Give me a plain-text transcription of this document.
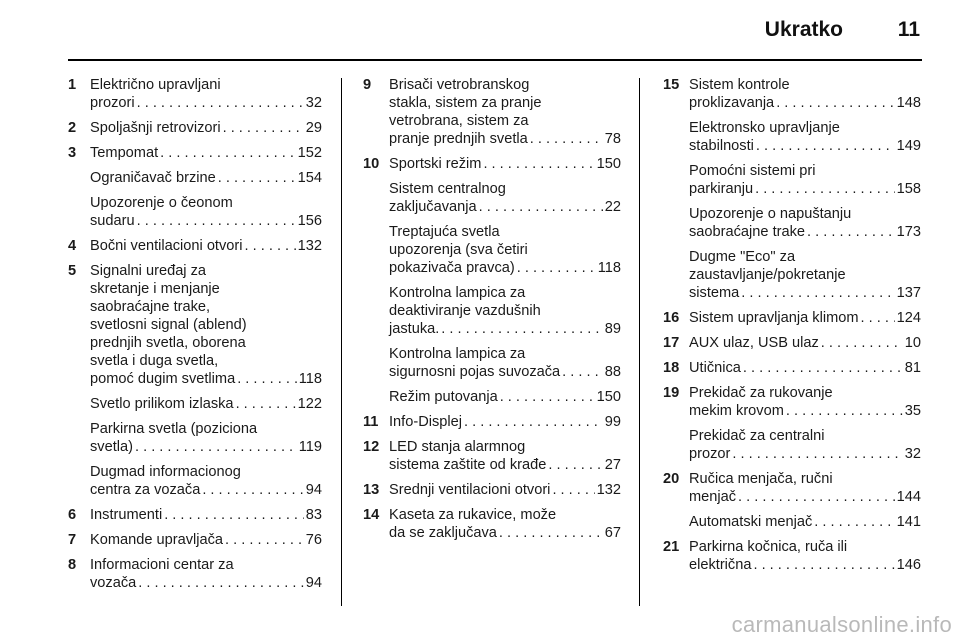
Ukratko	11
1 Električno upravljani
prozori . . .	32
2 Spoljašnji retrovizori . . .	29
3 Tempomat . . .	152
Ograničavač brzine . . .	154
Upozorenje o čeonom
sudaru . . .	156
4 Bočni ventilacioni otvori . . .	132
5 Signalni uređaj za
skretanje i menjanje
saobraćajne trake,
svetlosni signal (ablend)
prednjih svetla, oborena
svetla i duga svetla,
pomoć dugim svetlima . . .	118
Svetlo prilikom izlaska . . .	122
Parkirna svetla (poziciona
svetla) . . .	119
Dugmad informacionog
centra za vozača . . .	94
6 Instrumenti . . .	83
7 Komande upravljača . . .	76
8 Informacioni centar za
vozača . . .	94
9 Brisači vetrobranskog
stakla, sistem za pranje
vetrobrana, sistem za
pranje prednjih svetla . . .	78
10 Sportski režim . . .	150
Sistem centralnog
zaključavanja . . .	22
Treptajuća svetla
upozorenja (sva četiri
pokazivača pravca) . . .	118
Kontrolna lampica za
deaktiviranje vazdušnih
jastuka. . . .	89
Kontrolna lampica za
sigurnosni pojas suvozača . . .	88
Režim putovanja . . .	150
11 Info-Displej . . .	99
12 LED stanja alarmnog
sistema zaštite od krađe . . .	27
13 Srednji ventilacioni otvori . . .	132
14 Kaseta za rukavice, može
da se zaključava . . .	67
15 Sistem kontrole
proklizavanja . . .	148
Elektronsko upravljanje
stabilnosti . . .	149
Pomoćni sistemi pri
parkiranju . . .	158
Upozorenje o napuštanju
saobraćajne trake . . .	173
Dugme "Eco" za
zaustavljanje/pokretanje
sistema . . .	137
16 Sistem upravljanja klimom . . .	124
17 AUX ulaz, USB ulaz . . .	10
18 Utičnica . . .	81
19 Prekidač za rukovanje
mekim krovom . . .	35
Prekidač za centralni
prozor . . .	32
20 Ručica menjača, ručni
menjač . . .	144
Automatski menjač . . .	141
21 Parkirna kočnica, ruča ili
električna . . .	146
carmanualsonline.info
